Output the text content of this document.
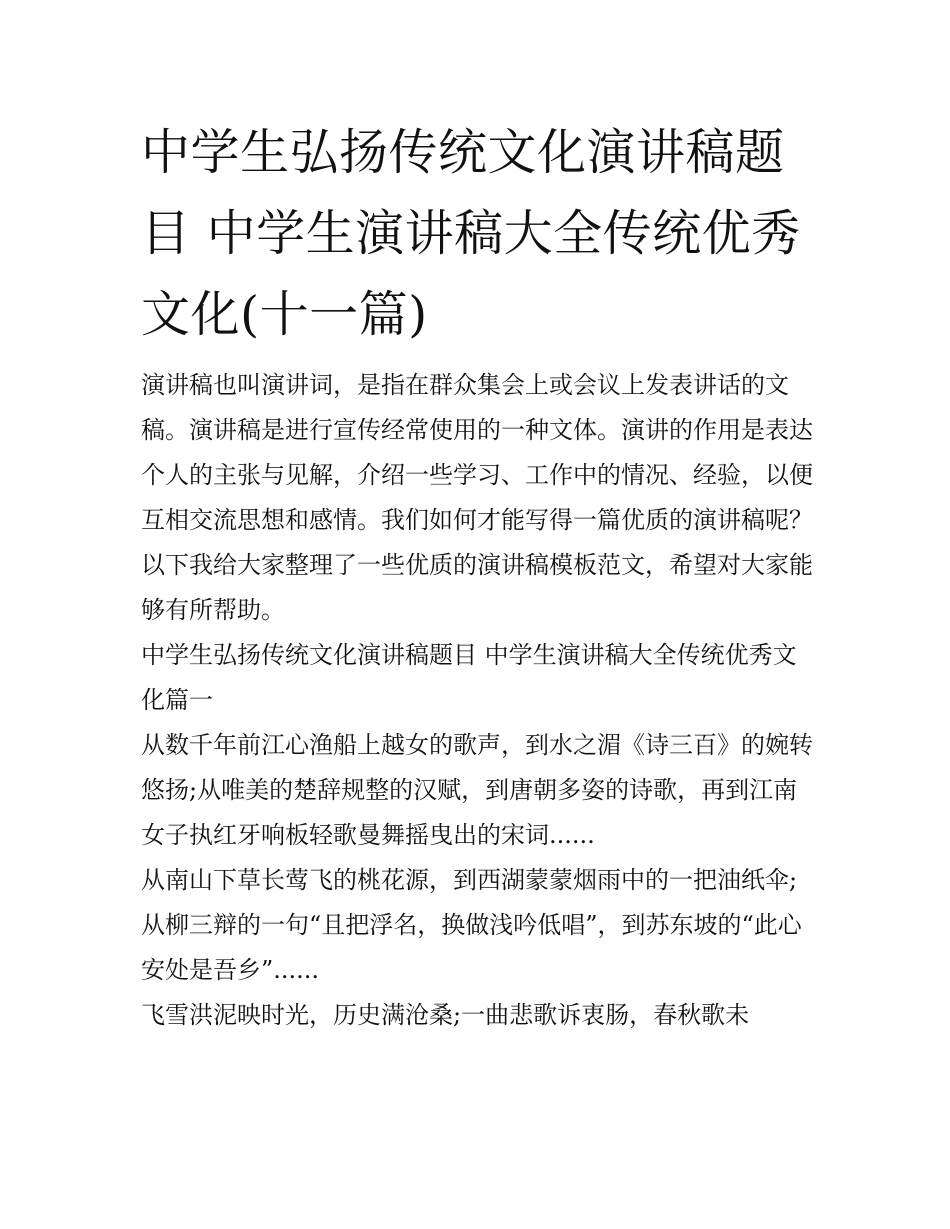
中学生弘扬传统文化演讲稿题目 中学生演讲稿大全传统优秀文化(十一篇)

演讲稿也叫演讲词，是指在群众集会上或会议上发表讲话的文稿。演讲稿是进行宣传经常使用的一种文体。演讲的作用是表达个人的主张与见解，介绍一些学习、工作中的情况、经验，以便互相交流思想和感情。我们如何才能写得一篇优质的演讲稿呢？以下我给大家整理了一些优质的演讲稿模板范文，希望对大家能够有所帮助。

中学生弘扬传统文化演讲稿题目 中学生演讲稿大全传统优秀文化篇一

从数千年前江心渔船上越女的歌声，到水之湄《诗三百》的婉转悠扬;从唯美的楚辞规整的汉赋，到唐朝多姿的诗歌，再到江南女子执红牙响板轻歌曼舞摇曳出的宋词......

从南山下草长莺飞的桃花源，到西湖蒙蒙烟雨中的一把油纸伞;从柳三辩的一句“且把浮名，换做浅吟低唱”，到苏东坡的“此心安处是吾乡”......

飞雪洪泥映时光，历史满沧桑;一曲悲歌诉衷肠，春秋歌未
